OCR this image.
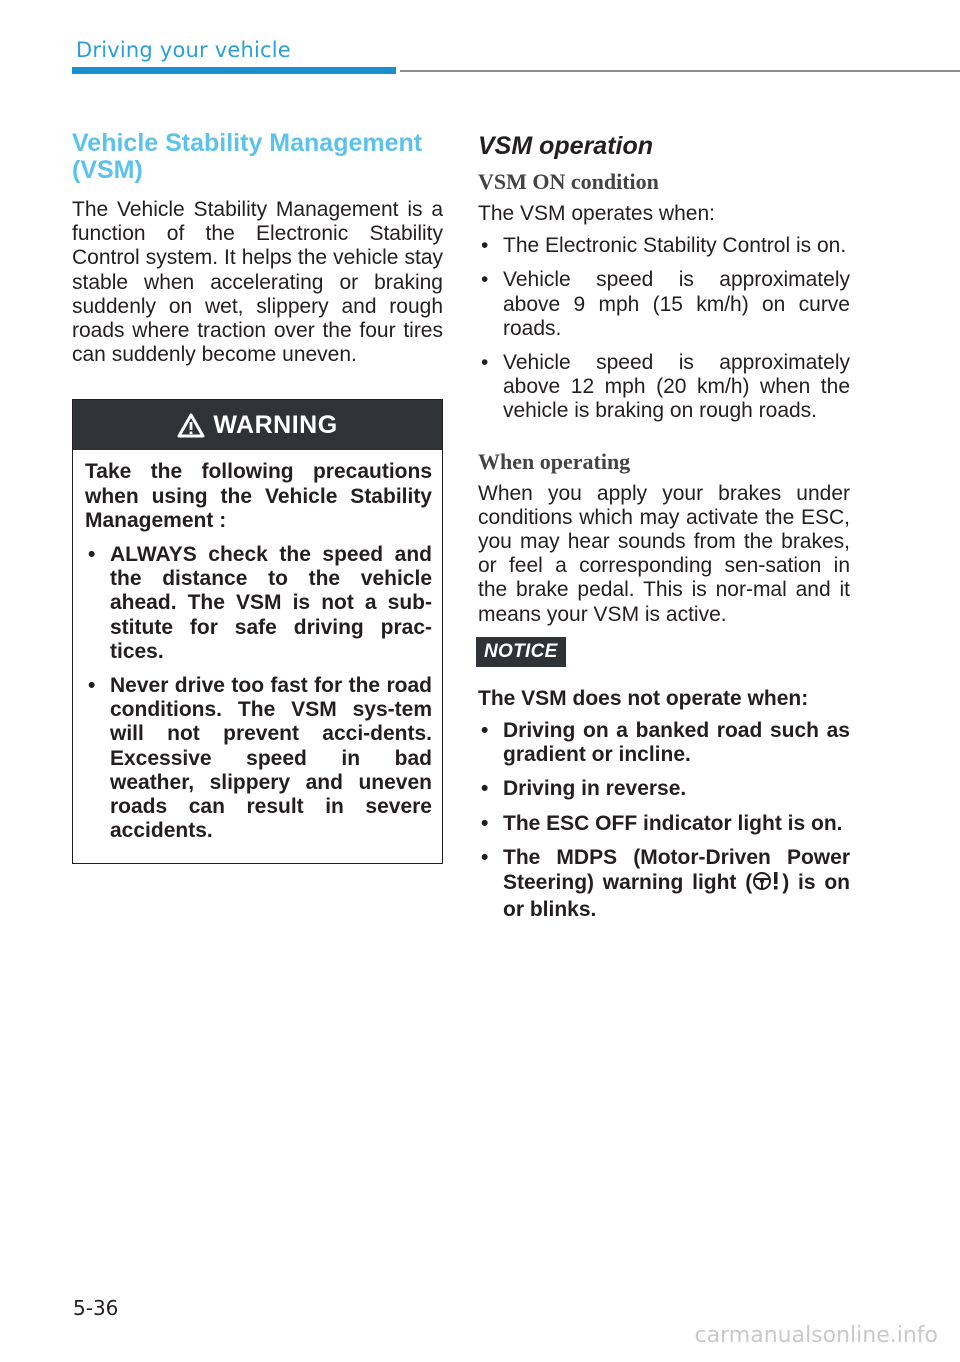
Driving your vehicle
Vehicle Stability Management (VSM)

The Vehicle Stability Management is a function of the Electronic Stability Control system. It helps the vehicle stay stable when accelerating or braking suddenly on wet, slippery and rough roads where traction over the four tires can suddenly become uneven.

WARNING

Take the following precautions when using the Vehicle Stability Management :

• ALWAYS check the speed and the distance to the vehicle ahead. The VSM is not a sub-stitute for safe driving prac-tices.
• Never drive too fast for the road conditions. The VSM sys-tem will not prevent acci-dents. Excessive speed in bad weather, slippery and uneven roads can result in severe accidents.
VSM operation
VSM ON condition

The VSM operates when:

• The Electronic Stability Control is on.
• Vehicle speed is approximately above 9 mph (15 km/h) on curve roads.
• Vehicle speed is approximately above 12 mph (20 km/h) when the vehicle is braking on rough roads.
When operating

When you apply your brakes under conditions which may activate the ESC, you may hear sounds from the brakes, or feel a corresponding sen-sation in the brake pedal. This is nor-mal and it means your VSM is active.

NOTICE

The VSM does not operate when:

• Driving on a banked road such as gradient or incline.
• Driving in reverse.
• The ESC OFF indicator light is on.
• The MDPS (Motor-Driven Power Steering) warning light ( ) is on or blinks.
5-36
carmanualsonline.info
